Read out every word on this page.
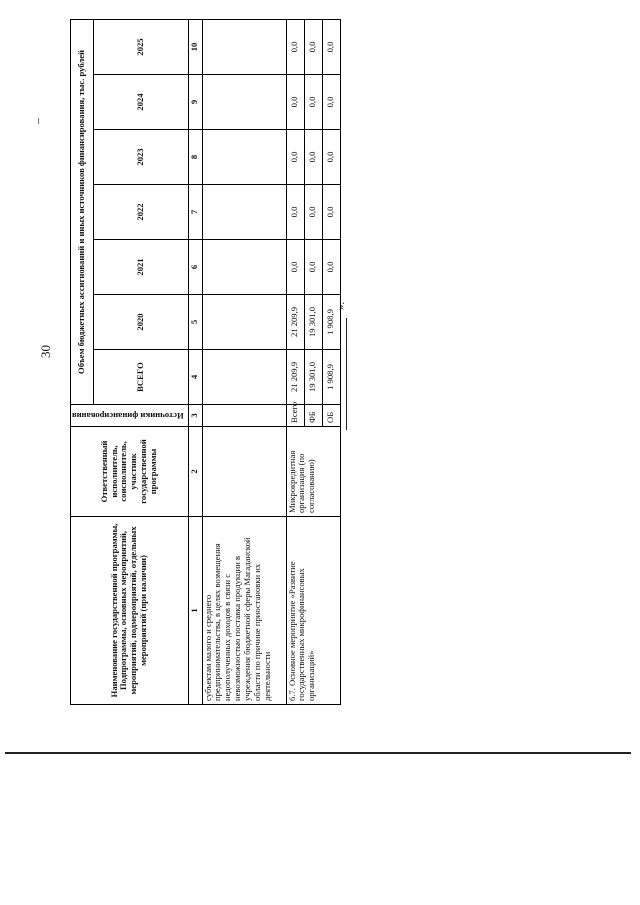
30
Наименование государственной программы, Подпрограммы, основных мероприятий, мероприятий, подмероприятий, отдельных мероприятий (при наличии)	Ответственный исполнитель, соисполнитель, участник государственной программы	Источники финансирования	Объем бюджетных ассигнований и иных источников финансирования, тыс. рублей						
			ВСЕГО	2020	2021	2022	2023	2024	2025
1	2	3	4	5	6	7	8	9	10
субъектам малого и среднего предпринимательства, в целях возмещения недополученных доходов в связи с невозможностью поставка продукции в учреждения бюджетной сферы Магаданской области по причине приостановки их деятельности									
6.7. Основное мероприятие «Развитие государственных микрофинансовых организаций»	Микрокредитная организация (по согласованию)	Всего	21 209,9	21 209,9	0,0	0,0	0,0	0,0	0,0
		ФБ	19 301,0	19 301,0	0,0	0,0	0,0	0,0	0,0
		ОБ	1 908,9	1 908,9	0,0	0,0	0,0	0,0	0,0
».
